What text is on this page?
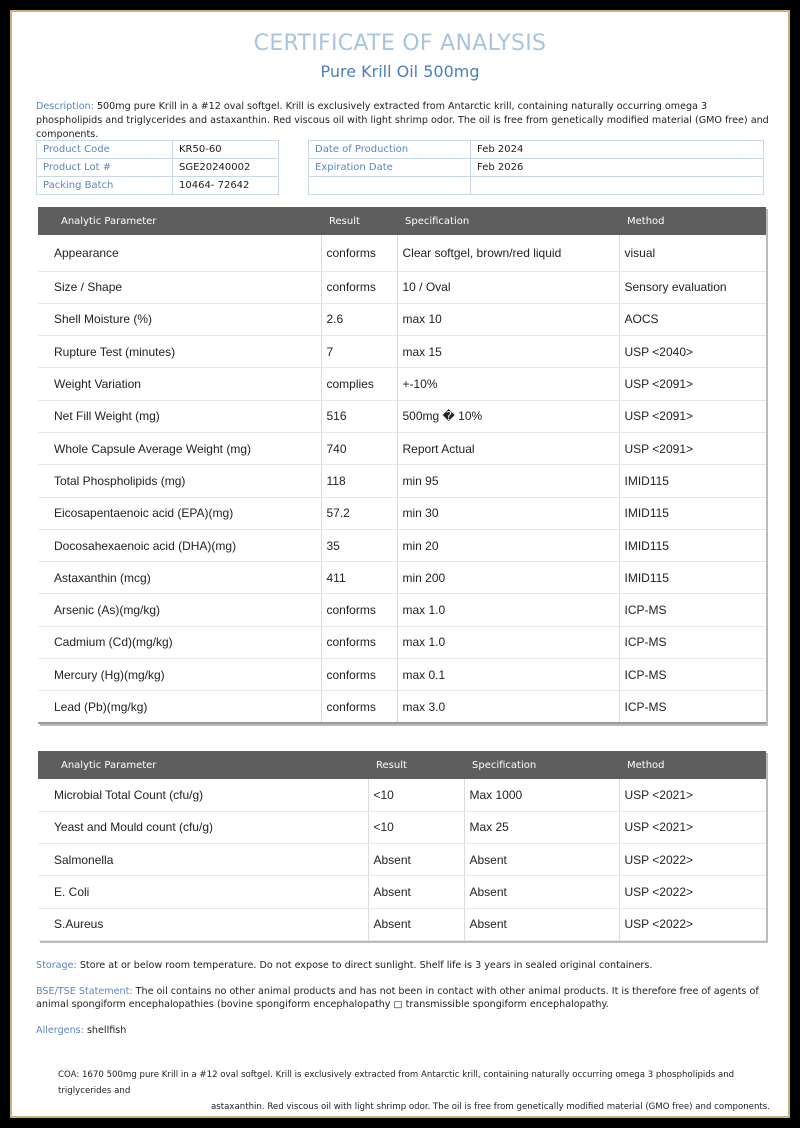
CERTIFICATE OF ANALYSIS
Pure Krill Oil 500mg
Description: 500mg pure Krill in a #12 oval softgel. Krill is exclusively extracted from Antarctic krill, containing naturally occurring omega 3 phospholipids and triglycerides and astaxanthin. Red viscous oil with light shrimp odor. The oil is free from genetically modified material (GMO free) and components.
Product Code	KR50-60
Product Lot #	SGE20240002
Packing Batch	10464- 72642
Date of Production	Feb 2024
Expiration Date	Feb 2026

Analytic Parameter	Result	Specification	Method
Appearance	conforms	Clear softgel, brown/red liquid	visual
Size / Shape	conforms	10 / Oval	Sensory evaluation
Shell Moisture (%)	2.6	max 10	AOCS
Rupture Test (minutes)	7	max 15	USP <2040>
Weight Variation	complies	+-10%	USP <2091>
Net Fill Weight (mg)	516	500mg � 10%	USP <2091>
Whole Capsule Average Weight (mg)	740	Report Actual	USP <2091>
Total Phospholipids (mg)	118	min 95	IMID115
Eicosapentaenoic acid (EPA)(mg)	57.2	min 30	IMID115
Docosahexaenoic acid (DHA)(mg)	35	min 20	IMID115
Astaxanthin (mcg)	411	min 200	IMID115
Arsenic (As)(mg/kg)	conforms	max 1.0	ICP-MS
Cadmium (Cd)(mg/kg)	conforms	max 1.0	ICP-MS
Mercury (Hg)(mg/kg)	conforms	max 0.1	ICP-MS
Lead (Pb)(mg/kg)	conforms	max 3.0	ICP-MS
Analytic Parameter	Result	Specification	Method
Microbial Total Count (cfu/g)	<10	Max 1000	USP <2021>
Yeast and Mould count (cfu/g)	<10	Max 25	USP <2021>
Salmonella	Absent	Absent	USP <2022>
E. Coli	Absent	Absent	USP <2022>
S.Aureus	Absent	Absent	USP <2022>
Storage: Store at or below room temperature. Do not expose to direct sunlight. Shelf life is 3 years in sealed original containers.
BSE/TSE Statement: The oil contains no other animal products and has not been in contact with other animal products. It is therefore free of agents of animal spongiform encephalopathies (bovine spongiform encephalopathy □ transmissible spongiform encephalopathy.
Allergens: shellfish
COA: 1670 500mg pure Krill in a #12 oval softgel. Krill is exclusively extracted from Antarctic krill, containing naturally occurring omega 3 phospholipids and triglycerides and
astaxanthin. Red viscous oil with light shrimp odor. The oil is free from genetically modified material (GMO free) and components.
